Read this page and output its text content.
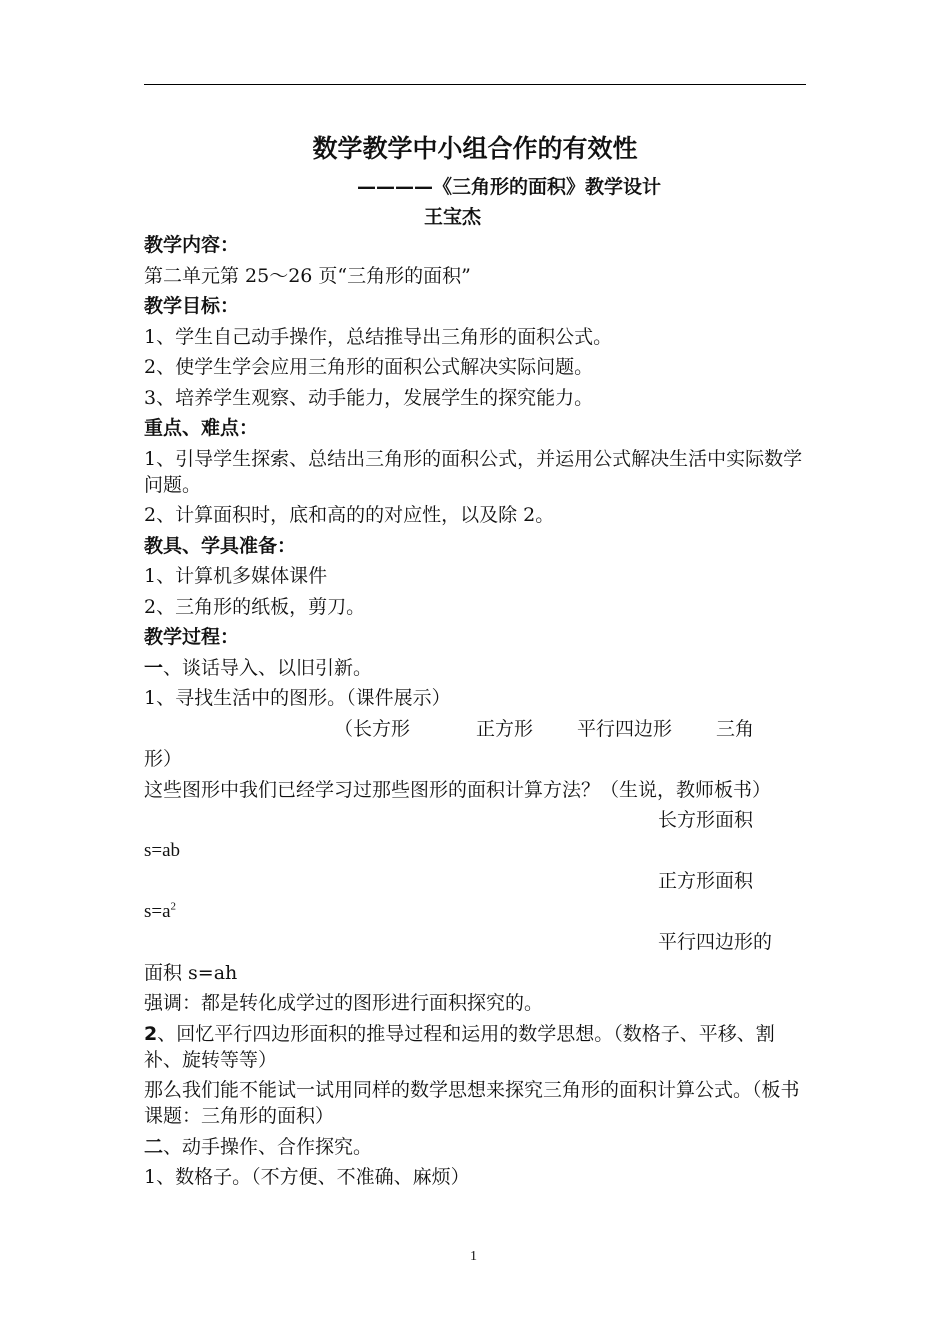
数学教学中小组合作的有效性
————《三角形的面积》教学设计
王宝杰
教学内容：
第二单元第 25～26 页“三角形的面积”
教学目标：
1、学生自己动手操作，总结推导出三角形的面积公式。
2、使学生学会应用三角形的面积公式解决实际问题。
3、培养学生观察、动手能力，发展学生的探究能力。
重点、难点：
1、引导学生探索、总结出三角形的面积公式，并运用公式解决生活中实际数学问题。
2、计算面积时，底和高的的对应性，以及除 2。
教具、学具准备：
1、计算机多媒体课件
2、三角形的纸板，剪刀。
教学过程：
一、谈话导入、以旧引新。
1、寻找生活中的图形。（课件展示）
（长方形	正方形 平行四边形 三角
形）
这些图形中我们已经学习过那些图形的面积计算方法？（生说，教师板书）
长方形面积
s=ab
正方形面积
$s=a^2$
平行四边形的
面积 s=ah
强调：都是转化成学过的图形进行面积探究的。
2、回忆平行四边形面积的推导过程和运用的数学思想。（数格子、平移、割补、旋转等等）
那么我们能不能试一试用同样的数学思想来探究三角形的面积计算公式。（板书课题：三角形的面积）
二、动手操作、合作探究。
1、数格子。（不方便、不准确、麻烦）
1
